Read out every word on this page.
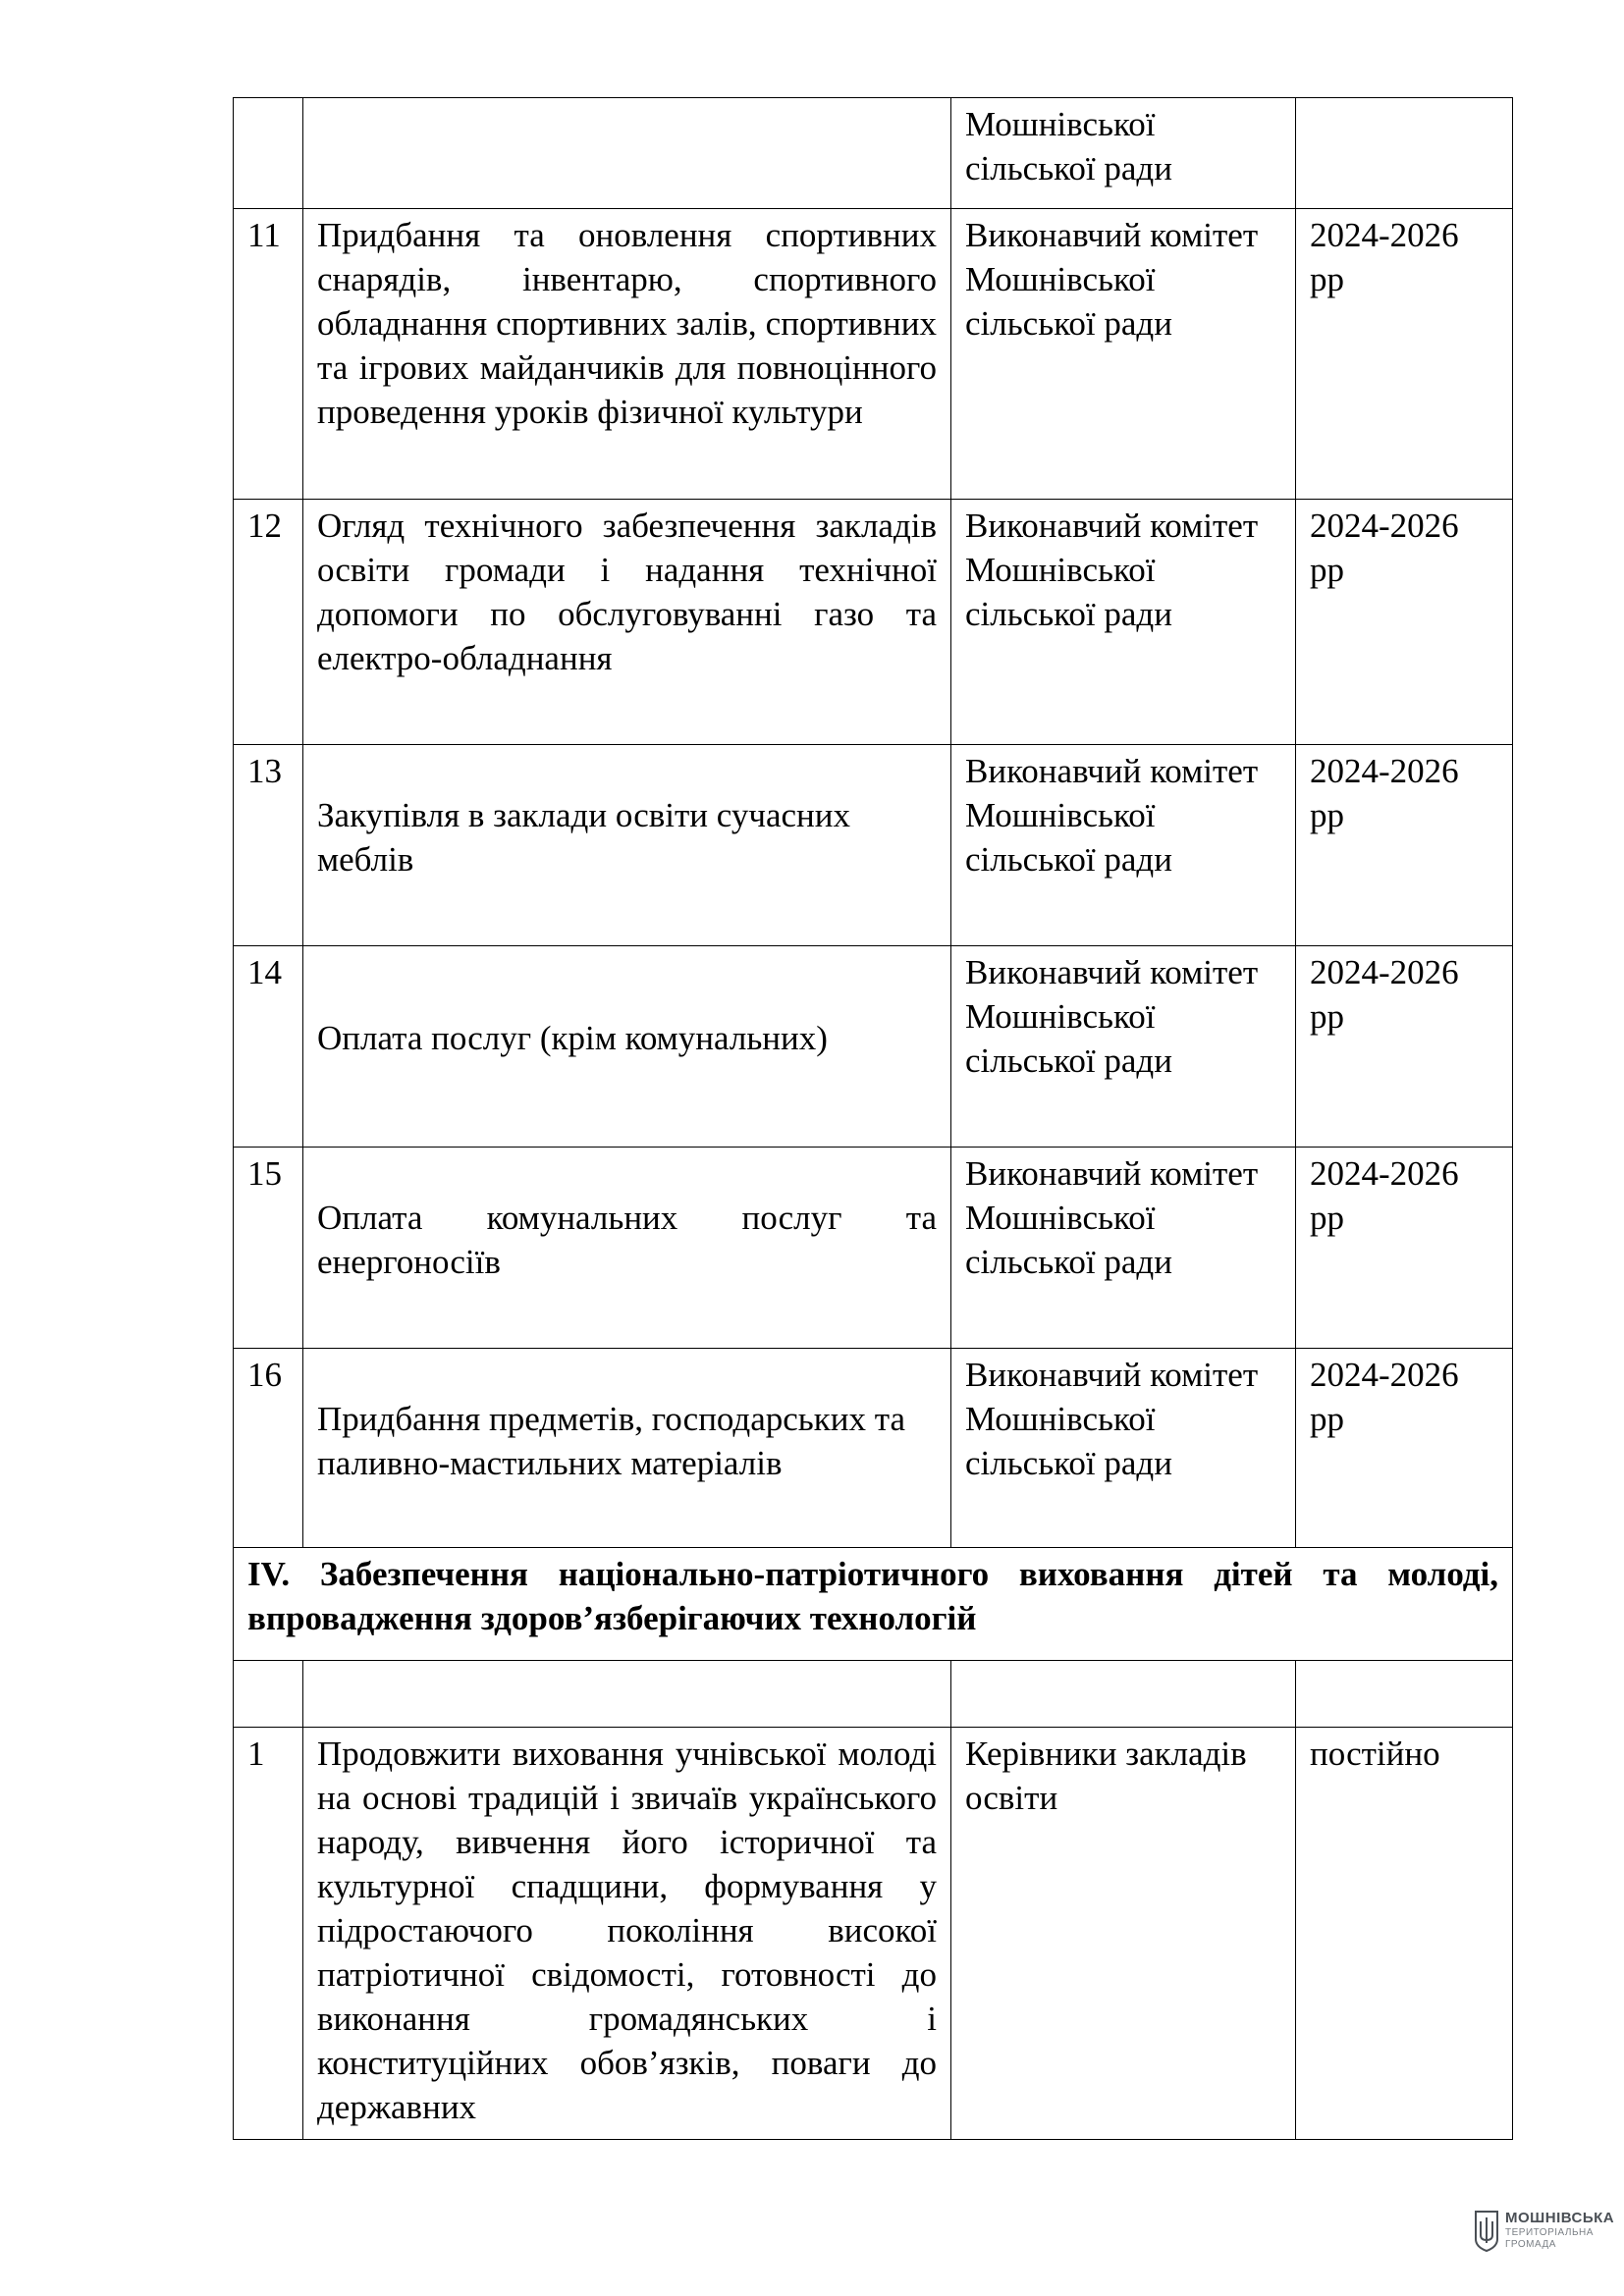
		Мошнівської сільської ради	
11	Придбання та оновлення спортивних снарядів, інвентарю, спортивного обладнання спортивних залів, спортивних та ігрових майданчиків для повноцінного проведення уроків фізичної культури	Виконавчий комітет Мошнівської сільської ради	2024-2026 рр
12	Огляд технічного забезпечення закладів освіти громади і надання технічної допомоги по обслуговуванні газо та електро-обладнання	Виконавчий комітет Мошнівської сільської ради	2024-2026 рр
13	Закупівля в заклади освіти сучасних меблів	Виконавчий комітет Мошнівської сільської ради	2024-2026 рр
14	Оплата послуг (крім комунальних)	Виконавчий комітет Мошнівської сільської ради	2024-2026 рр
15	Оплата комунальних послуг та енергоносіїв	Виконавчий комітет Мошнівської сільської ради	2024-2026 рр
16	Придбання предметів, господарських та паливно-мастильних матеріалів	Виконавчий комітет Мошнівської сільської ради	2024-2026 рр
IV. Забезпечення національно-патріотичного виховання дітей та молоді, впровадження здоров’язберігаючих технологій			

1	Продовжити виховання учнівської молоді на основі традицій і звичаїв українського народу, вивчення його історичної та культурної спадщини, формування у підростаючого покоління високої патріотичної свідомості, готовності до виконання громадянських і конституційних обов’язків, поваги до державних	Керівники закладів освіти	постійно
МОШНІВСЬКА
ТЕРИТОРІАЛЬНА
ГРОМАДА
